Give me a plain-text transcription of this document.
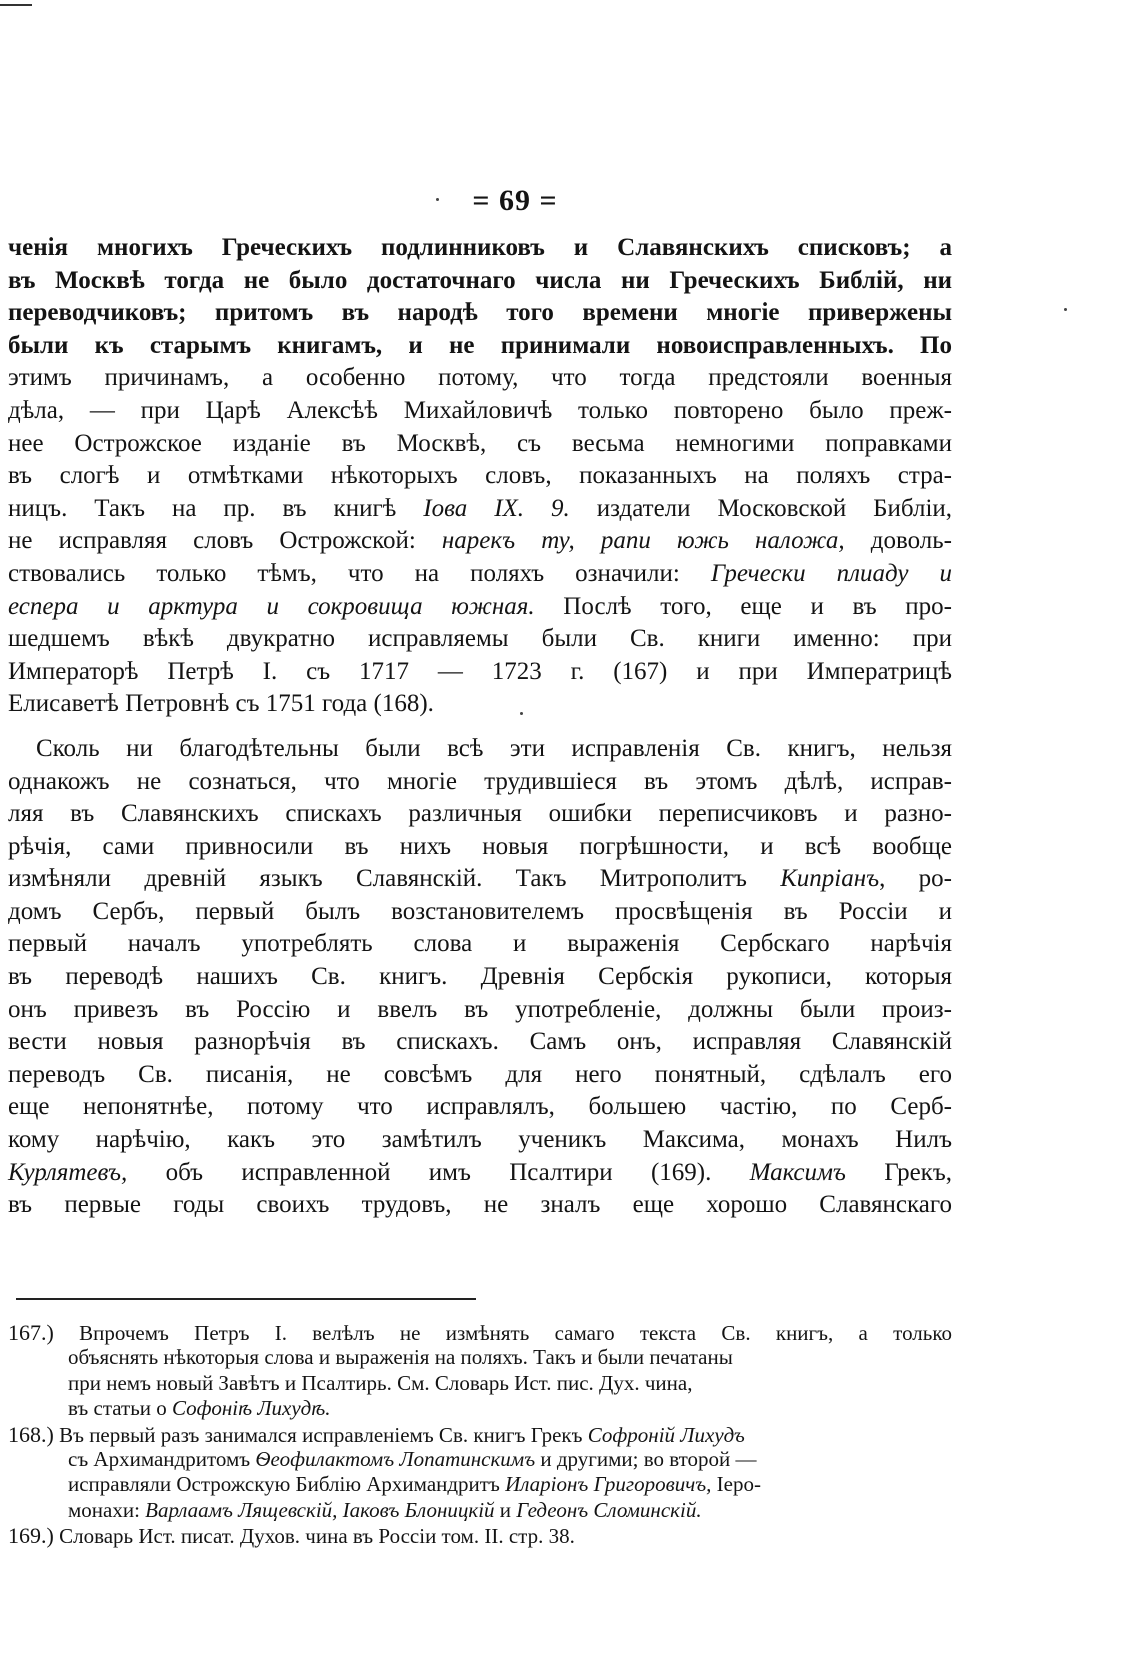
= 69 =
ченія многихъ Греческихъ подлинниковъ и Славянскихъ списковъ; а
въ Москвѣ тогда не было достаточнаго числа ни Греческихъ Библій, ни
переводчиковъ; притомъ въ народѣ того времени многіе привержены
были къ старымъ книгамъ, и не принимали новоисправленныхъ. По
этимъ причинамъ, а особенно потому, что тогда предстояли военныя
дѣла, — при Царѣ Алексѣѣ Михайловичѣ только повторено было преж-
нее Острожское изданіе въ Москвѣ, съ весьма немногими поправками
въ слогѣ и отмѣтками нѣкоторыхъ словъ, показанныхъ на поляхъ стра-
ницъ. Такъ на пр. въ книгѣ Іова IX. 9. издатели Московской Библіи,
не исправляя словъ Острожской: нарекъ ту, рапи южь наложа, доволь-
ствовались только тѣмъ, что на поляхъ означили: Гречески плиаду и
еспера и арктура и сокровища южная. Послѣ того, еще и въ про-
шедшемъ вѣкѣ двукратно исправляемы были Св. книги именно: при
Императорѣ Петрѣ I. съ 1717 — 1723 г. (167) и при Императрицѣ
Елисаветѣ Петровнѣ съ 1751 года (168).
Сколь ни благодѣтельны были всѣ эти исправленія Св. книгъ, нельзя
однакожъ не сознаться, что многіе трудившіеся въ этомъ дѣлѣ, исправ-
ляя въ Славянскихъ спискахъ различныя ошибки переписчиковъ и разно-
рѣчія, сами привносили въ нихъ новыя погрѣшности, и всѣ вообще
измѣняли древній языкъ Славянскій. Такъ Митрополитъ Кипріанъ, ро-
домъ Сербъ, первый былъ возстановителемъ просвѣщенія въ Россіи и
первый началъ употреблять слова и выраженія Сербскаго нарѣчія
въ переводѣ нашихъ Св. книгъ. Древнія Сербскія рукописи, которыя
онъ привезъ въ Россію и ввелъ въ употребленіе, должны были произ-
вести новыя разнорѣчія въ спискахъ. Самъ онъ, исправляя Славянскій
переводъ Св. писанія, не совсѣмъ для него понятный, сдѣлалъ его
еще непонятнѣе, потому что исправлялъ, большею частію, по Серб-
кому нарѣчію, какъ это замѣтилъ ученикъ Максима, монахъ Нилъ
Курлятевъ, объ исправленной имъ Псалтири (169). Максимъ Грекъ,
въ первые годы своихъ трудовъ, не зналъ еще хорошо Славянскаго
167.) Впрочемъ Петръ I. велѣлъ не измѣнять самаго текста Св. книгъ, а только
объяснять нѣкоторыя слова и выраженія на поляхъ. Такъ и были печатаны
при немъ новый Завѣтъ и Псалтирь. См. Словарь Ист. пис. Дух. чина,
въ статьи о Софоніѣ Лихудѣ.
168.) Въ первый разъ занимался исправленіемъ Св. книгъ Грекъ Софроній Лихудъ
съ Архимандритомъ Ѳеофилактомъ Лопатинскимъ и другими; во второй —
исправляли Острожскую Библію Архимандритъ Иларіонъ Григоровичъ, Iеро-
монахи: Варлаамъ Лящевскій, Iаковъ Блоницкій и Гедеонъ Сломинскій.
169.) Словарь Ист. писат. Духов. чина въ Россіи том. II. стр. 38.
